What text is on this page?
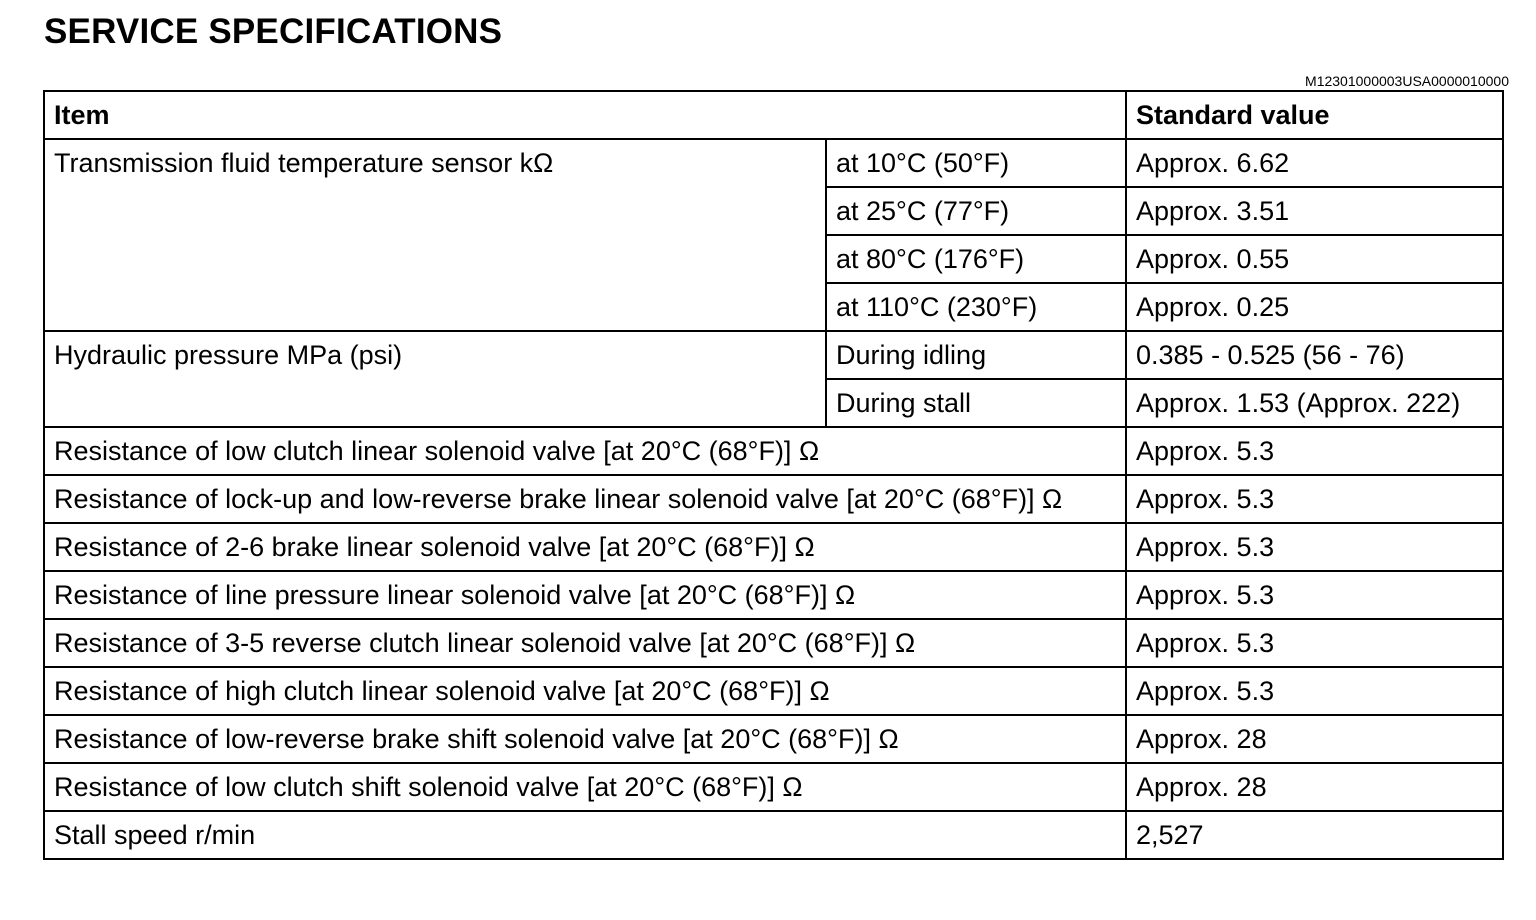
SERVICE SPECIFICATIONS
M12301000003USA0000010000
Item		Standard value
Transmission fluid temperature sensor kΩ	at 10°C (50°F)	Approx. 6.62
	at 25°C (77°F)	Approx. 3.51
	at 80°C (176°F)	Approx. 0.55
	at 110°C (230°F)	Approx. 0.25
Hydraulic pressure MPa (psi)	During idling	0.385 - 0.525 (56 - 76)
	During stall	Approx. 1.53 (Approx. 222)
Resistance of low clutch linear solenoid valve [at 20°C (68°F)] Ω		Approx. 5.3
Resistance of lock-up and low-reverse brake linear solenoid valve [at 20°C (68°F)] Ω		Approx. 5.3
Resistance of 2-6 brake linear solenoid valve [at 20°C (68°F)] Ω		Approx. 5.3
Resistance of line pressure linear solenoid valve [at 20°C (68°F)] Ω		Approx. 5.3
Resistance of 3-5 reverse clutch linear solenoid valve [at 20°C (68°F)] Ω		Approx. 5.3
Resistance of high clutch linear solenoid valve [at 20°C (68°F)] Ω		Approx. 5.3
Resistance of low-reverse brake shift solenoid valve [at 20°C (68°F)] Ω		Approx. 28
Resistance of low clutch shift solenoid valve [at 20°C (68°F)] Ω		Approx. 28
Stall speed r/min		2,527
